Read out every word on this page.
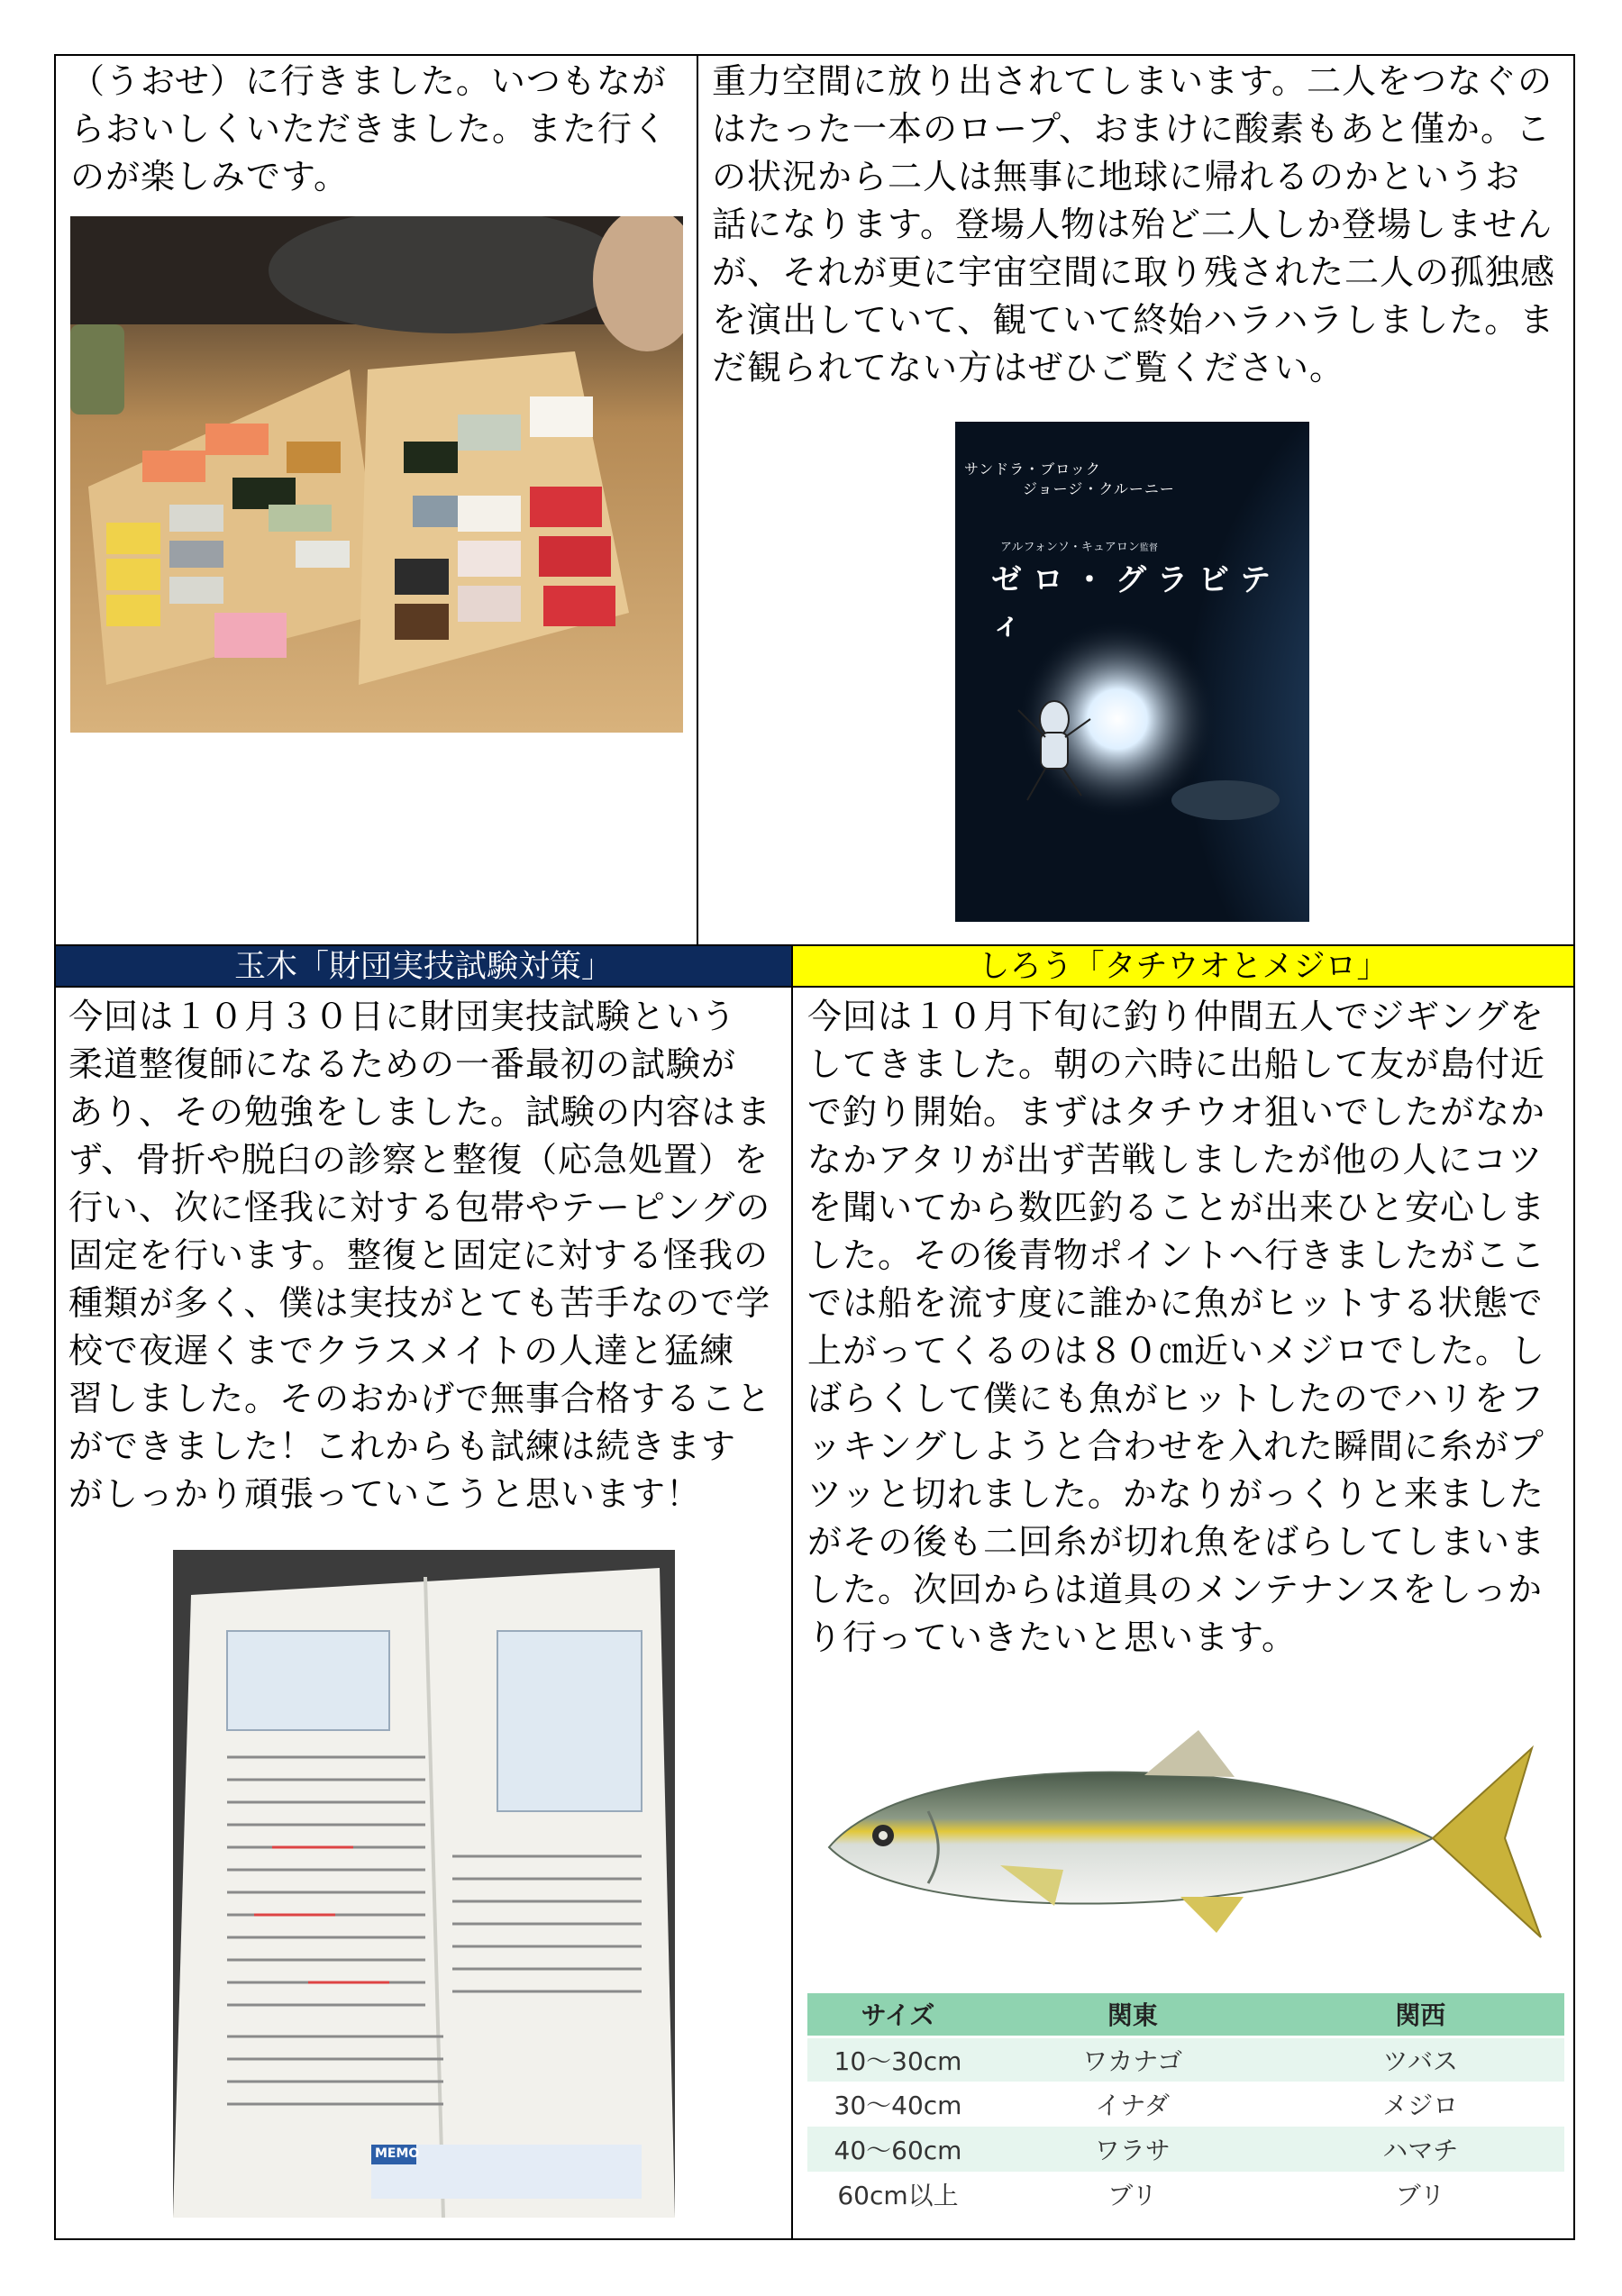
（うおせ）に行きました。いつもなが
らおいしくいただきました。また行く
のが楽しみです。
重力空間に放り出されてしまいます。二人をつなぐの
はたった一本のロープ、おまけに酸素もあと僅か。こ
の状況から二人は無事に地球に帰れるのかというお
話になります。登場人物は殆ど二人しか登場しません
が、それが更に宇宙空間に取り残された二人の孤独感
を演出していて、観ていて終始ハラハラしました。ま
だ観られてない方はぜひご覧ください。
サンドラ・ブロック
ジョージ・クルーニー
アルフォンソ・キュアロン監督
ゼロ・グラビティ
玉木「財団実技試験対策」
今回は１０月３０日に財団実技試験という
柔道整復師になるための一番最初の試験が
あり、その勉強をしました。試験の内容はま
ず、骨折や脱臼の診察と整復（応急処置）を
行い、次に怪我に対する包帯やテーピングの
固定を行います。整復と固定に対する怪我の
種類が多く、僕は実技がとても苦手なので学
校で夜遅くまでクラスメイトの人達と猛練
習しました。そのおかげで無事合格すること
ができました！これからも試練は続きます
がしっかり頑張っていこうと思います！
MEMO
しろう「タチウオとメジロ」
今回は１０月下旬に釣り仲間五人でジギングを
してきました。朝の六時に出船して友が島付近
で釣り開始。まずはタチウオ狙いでしたがなか
なかアタリが出ず苦戦しましたが他の人にコツ
を聞いてから数匹釣ることが出来ひと安心しま
した。その後青物ポイントへ行きましたがここ
では船を流す度に誰かに魚がヒットする状態で
上がってくるのは８０㎝近いメジロでした。し
ばらくして僕にも魚がヒットしたのでハリをフ
ッキングしようと合わせを入れた瞬間に糸がプ
ツッと切れました。かなりがっくりと来ました
がその後も二回糸が切れ魚をばらしてしまいま
した。次回からは道具のメンテナンスをしっか
り行っていきたいと思います。
サイズ	関東	関西
10～30cm	ワカナゴ	ツバス
30～40cm	イナダ	メジロ
40～60cm	ワラサ	ハマチ
60cm以上	ブリ	ブリ
